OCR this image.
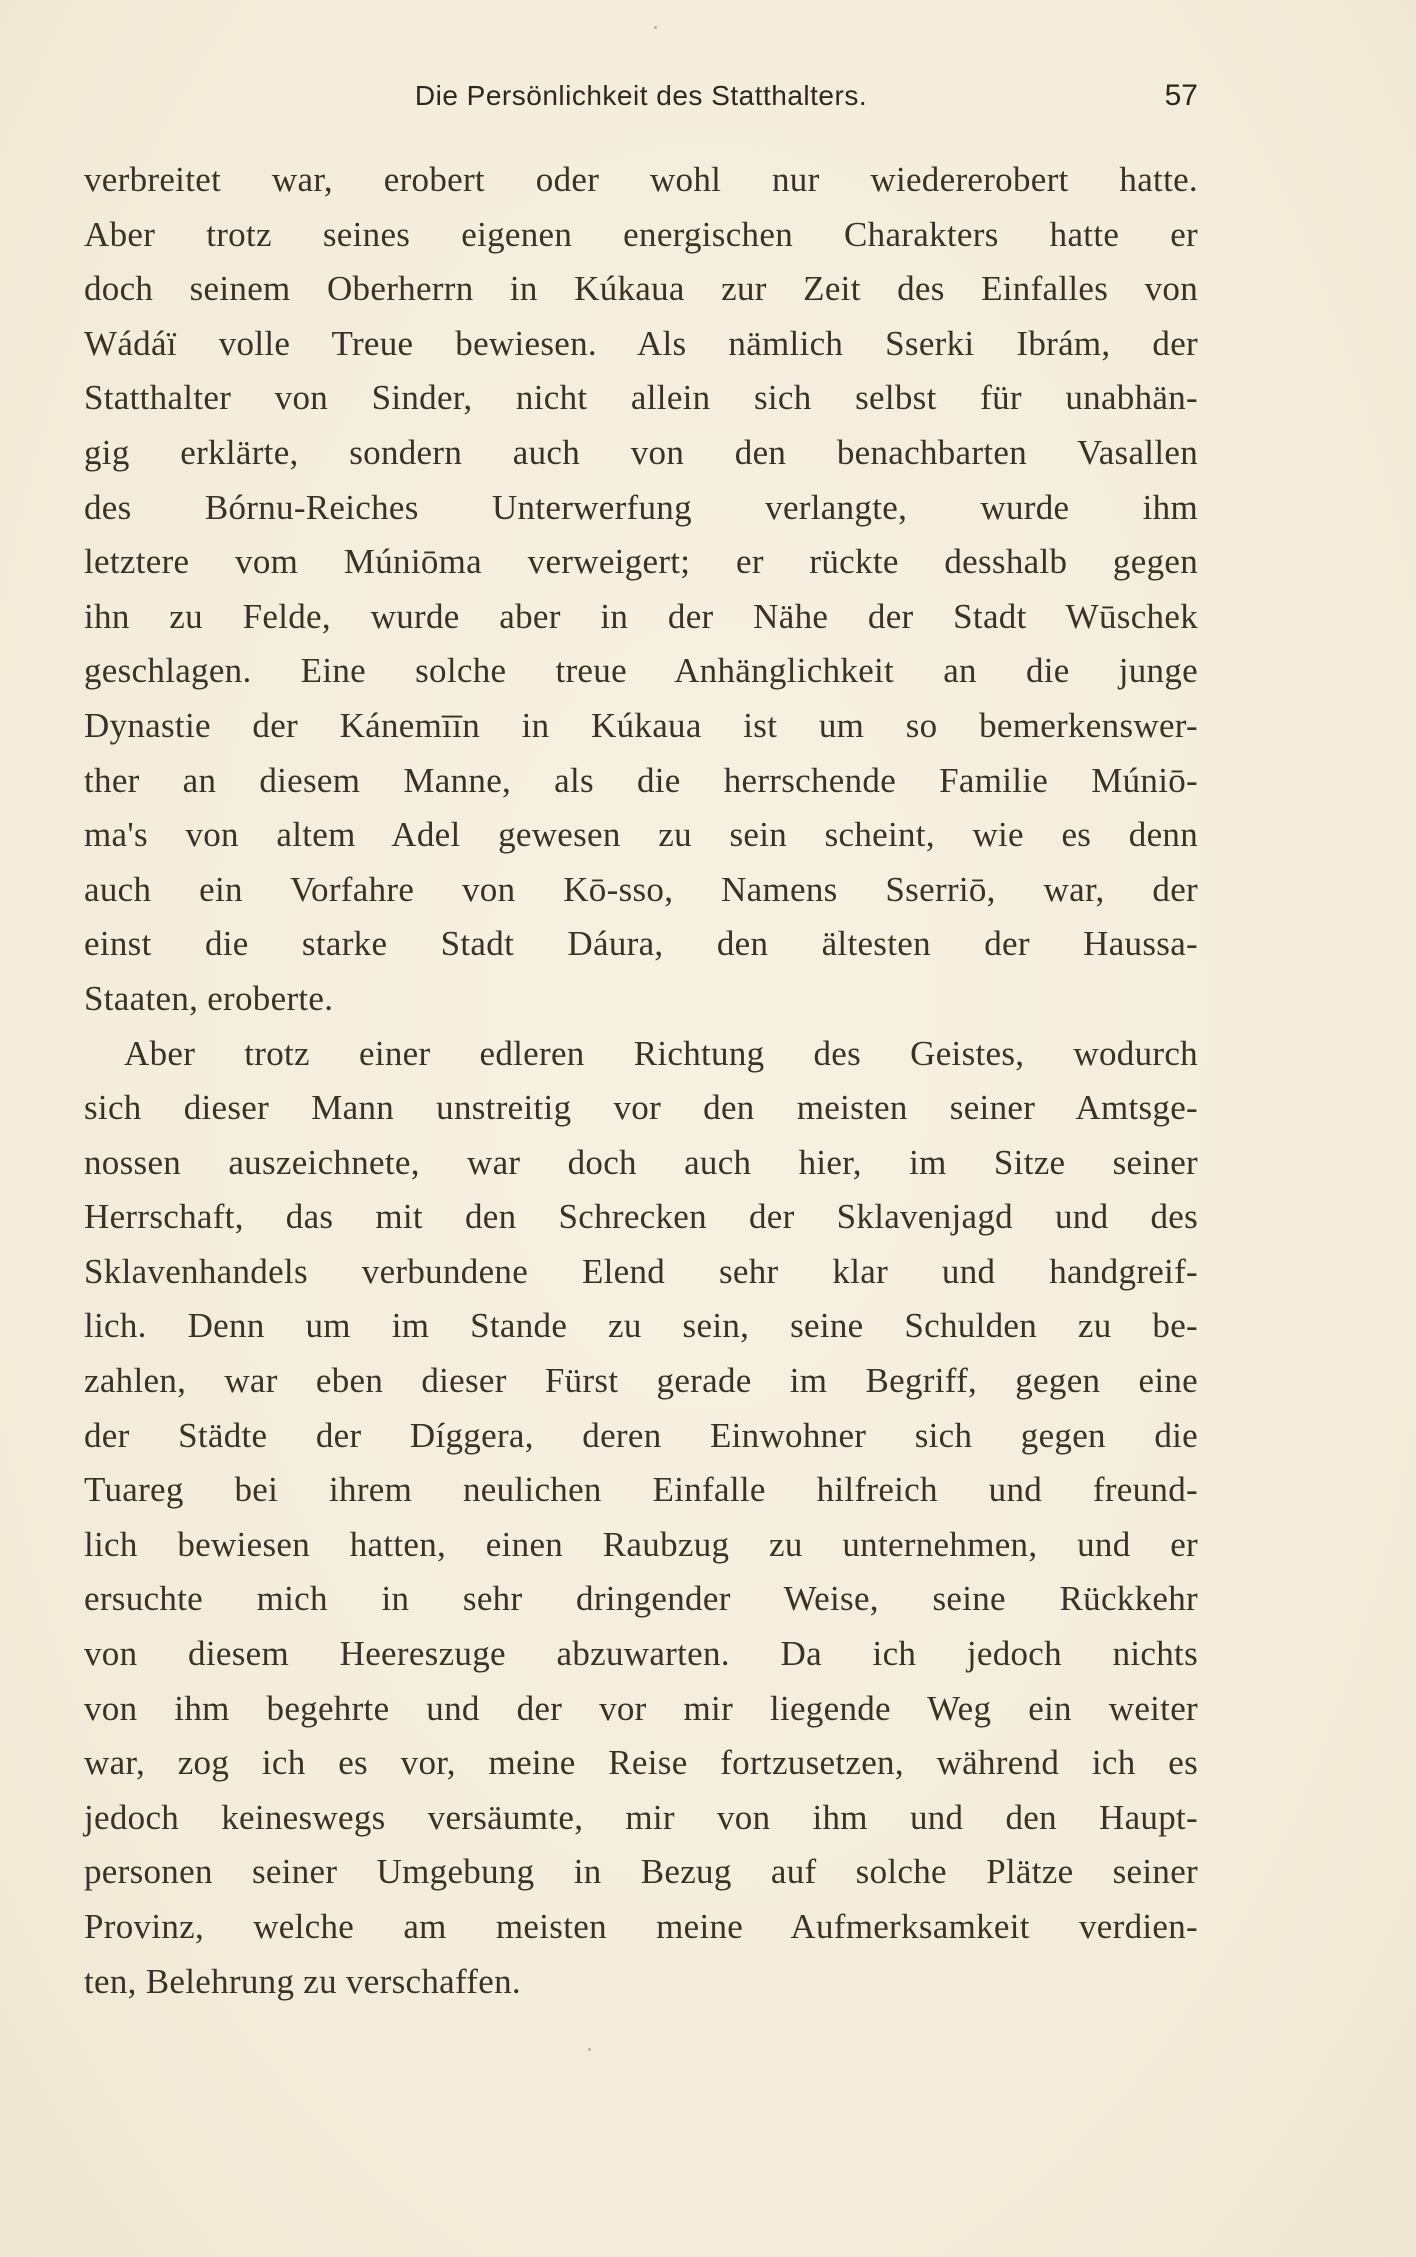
Die Persönlichkeit des Statthalters.	57
verbreitet war, erobert oder wohl nur wiedererobert hatte.
Aber trotz seines eigenen energischen Charakters hatte er
doch seinem Oberherrn in Kúkaua zur Zeit des Einfalles von
Wádáï volle Treue bewiesen. Als nämlich Sserki Ibrám, der
Statthalter von Sinder, nicht allein sich selbst für unabhän-
gig erklärte, sondern auch von den benachbarten Vasallen
des Bórnu-Reiches Unterwerfung verlangte, wurde ihm
letztere vom Múniōma verweigert; er rückte desshalb gegen
ihn zu Felde, wurde aber in der Nähe der Stadt Wūschek
geschlagen. Eine solche treue Anhänglichkeit an die junge
Dynastie der Kánemīīn in Kúkaua ist um so bemerkenswer-
ther an diesem Manne, als die herrschende Familie Múniō-
ma's von altem Adel gewesen zu sein scheint, wie es denn
auch ein Vorfahre von Kō-sso, Namens Sserriō, war, der
einst die starke Stadt Dáura, den ältesten der Haussa-
Staaten, eroberte.
Aber trotz einer edleren Richtung des Geistes, wodurch
sich dieser Mann unstreitig vor den meisten seiner Amtsge-
nossen auszeichnete, war doch auch hier, im Sitze seiner
Herrschaft, das mit den Schrecken der Sklavenjagd und des
Sklavenhandels verbundene Elend sehr klar und handgreif-
lich. Denn um im Stande zu sein, seine Schulden zu be-
zahlen, war eben dieser Fürst gerade im Begriff, gegen eine
der Städte der Díggera, deren Einwohner sich gegen die
Tuareg bei ihrem neulichen Einfalle hilfreich und freund-
lich bewiesen hatten, einen Raubzug zu unternehmen, und er
ersuchte mich in sehr dringender Weise, seine Rückkehr
von diesem Heereszuge abzuwarten. Da ich jedoch nichts
von ihm begehrte und der vor mir liegende Weg ein weiter
war, zog ich es vor, meine Reise fortzusetzen, während ich es
jedoch keineswegs versäumte, mir von ihm und den Haupt-
personen seiner Umgebung in Bezug auf solche Plätze seiner
Provinz, welche am meisten meine Aufmerksamkeit verdien-
ten, Belehrung zu verschaffen.
